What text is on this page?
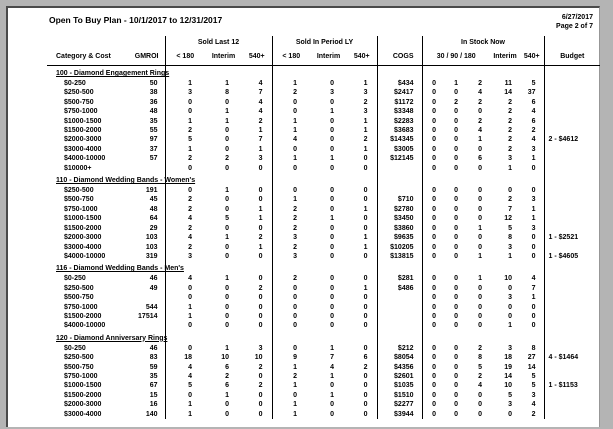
Open To Buy Plan - 10/1/2017 to 12/31/2017	6/27/2017
Page 2 of 7
		Sold Last 12			Sold In Period LY				In Stock Now					
Category & Cost	GMROI	< 180	Interim	540+	< 180	Interim	540+	COGS	30 / 90 / 180			Interim	540+	Budget
100 - Diamond Engagement Rings														
$0-250	50	1	1	4	1	0	1	$434	0	1	2	11	5	
$250-500	38	3	8	7	2	3	3	$2417	0	0	4	14	37	
$500-750	36	0	0	4	0	0	2	$1172	0	2	2	2	6	
$750-1000	48	0	1	4	0	1	3	$3348	0	0	0	2	4	
$1000-1500	35	1	1	2	1	0	1	$2283	0	0	2	2	6	
$1500-2000	55	2	0	1	1	0	1	$3683	0	0	4	2	2	
$2000-3000	97	5	0	7	4	0	2	$14345	0	0	1	2	4	2 - $4612
$3000-4000	37	1	0	1	0	0	1	$3005	0	0	0	2	3	
$4000-10000	57	2	2	3	1	1	0	$12145	0	0	6	3	1	
$10000+		0	0	0	0	0	0		0	0	0	1	0	
110 - Diamond Wedding Bands - Women's														
$250-500	191	0	1	0	0	0	0		0	0	0	0	0	
$500-750	45	2	0	0	1	0	0	$710	0	0	0	2	3	
$750-1000	48	2	0	1	2	0	1	$2780	0	0	0	7	1	
$1000-1500	64	4	5	1	2	1	0	$3450	0	0	0	12	1	
$1500-2000	29	2	0	0	2	0	0	$3860	0	0	1	5	3	
$2000-3000	103	4	1	2	3	0	1	$9635	0	0	0	8	0	1 - $2521
$3000-4000	103	2	0	1	2	0	1	$10205	0	0	0	3	0	
$4000-10000	319	3	0	0	3	0	0	$13815	0	0	1	1	0	1 - $4605
116 - Diamond Wedding Bands - Men's														
$0-250	46	4	1	0	2	0	0	$281	0	0	1	10	4	
$250-500	49	0	0	2	0	0	1	$486	0	0	0	0	7	
$500-750		0	0	0	0	0	0		0	0	0	3	1	
$750-1000	544	1	0	0	0	0	0		0	0	0	0	0	
$1500-2000	17514	1	0	0	0	0	0		0	0	0	0	0	
$4000-10000		0	0	0	0	0	0		0	0	0	1	0	
120 - Diamond Anniversary Rings														
$0-250	46	0	1	3	0	1	0	$212	0	0	2	3	8	
$250-500	83	18	10	10	9	7	6	$8054	0	0	8	18	27	4 - $1464
$500-750	59	4	6	2	1	4	2	$4356	0	0	5	19	14	
$750-1000	35	4	2	0	2	1	0	$2601	0	0	2	14	5	
$1000-1500	67	5	6	2	1	0	0	$1035	0	0	4	10	5	1 - $1153
$1500-2000	15	0	1	0	0	1	0	$1510	0	0	0	5	3	
$2000-3000	16	1	0	0	1	0	0	$2277	0	0	0	3	4	
$3000-4000	140	1	0	0	1	0	0	$3944	0	0	0	0	2	
